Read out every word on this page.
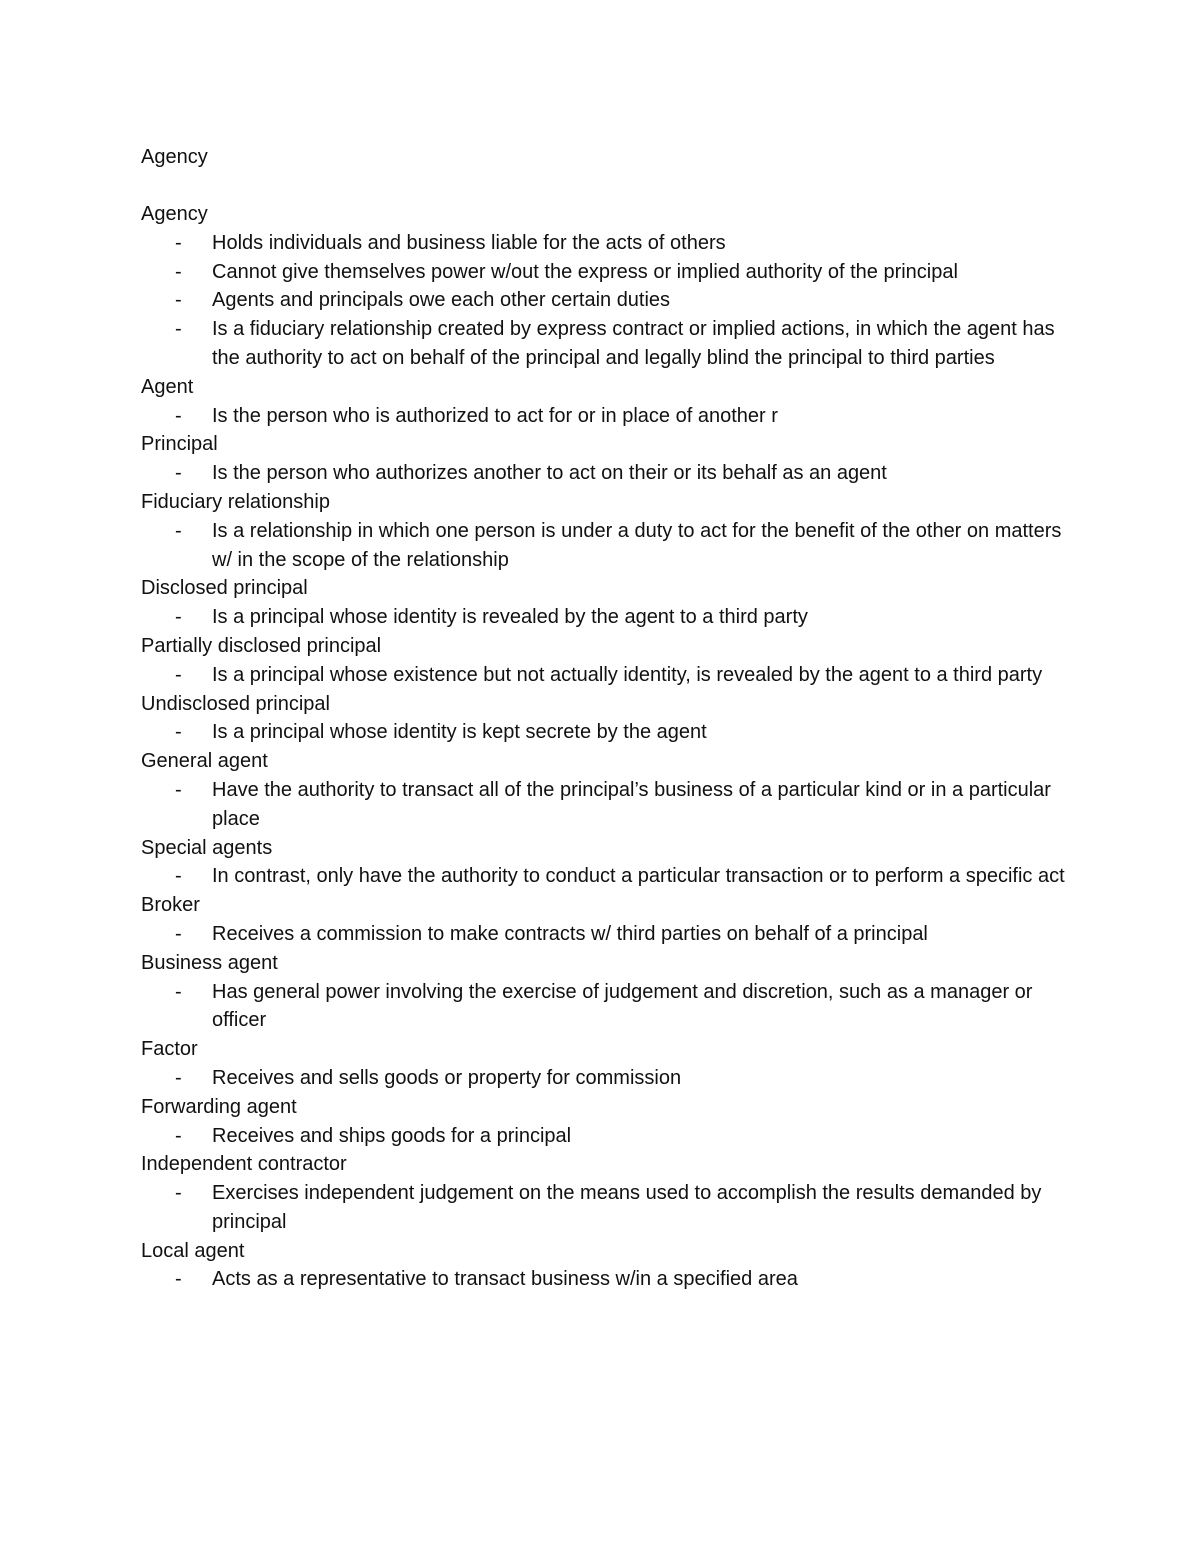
Agency
Agency
- Holds individuals and business liable for the acts of others
- Cannot give themselves power w/out the express or implied authority of the principal
- Agents and principals owe each other certain duties
- Is a fiduciary relationship created by express contract or implied actions, in which the agent has the authority to act on behalf of the principal and legally blind the principal to third parties
Agent
- Is the person who is authorized to act for or in place of another r
Principal
- Is the person who authorizes another to act on their or its behalf as an agent
Fiduciary relationship
- Is a relationship in which one person is under a duty to act for the benefit of the other on matters w/ in the scope of the relationship
Disclosed principal
- Is a principal whose identity is revealed by the agent to a third party
Partially disclosed principal
- Is a principal whose existence but not actually identity, is revealed by the agent to a third party
Undisclosed principal
- Is a principal whose identity is kept secrete by the agent
General agent
- Have the authority to transact all of the principal’s business of a particular kind or in a particular place
Special agents
- In contrast, only have the authority to conduct a particular transaction or to perform a specific act
Broker
- Receives a commission to make contracts w/ third parties on behalf of a principal
Business agent
- Has general power involving the exercise of judgement and discretion, such as a manager or officer
Factor
- Receives and sells goods or property for commission
Forwarding agent
- Receives and ships goods for a principal
Independent contractor
- Exercises independent judgement on the means used to accomplish the results demanded by principal
Local agent
- Acts as a representative to transact business w/in a specified area
